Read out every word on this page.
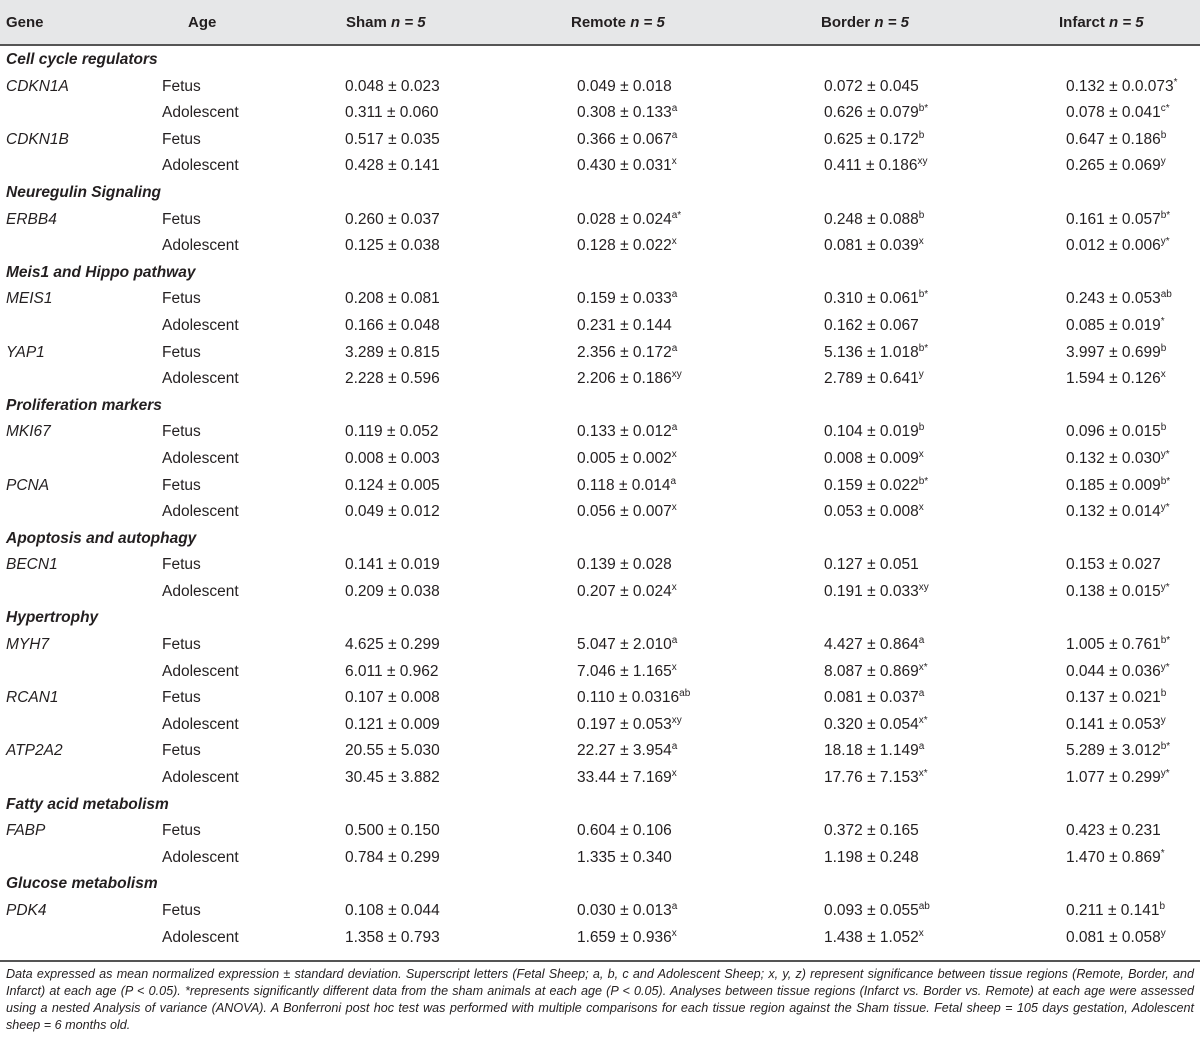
Gene	Age	Sham n = 5	Remote n = 5	Border n = 5	Infarct n = 5
Cell cycle regulators
CDKN1A	Fetus	0.048 ± 0.023	0.049 ± 0.018	0.072 ± 0.045	0.132 ± 0.0.073*
Adolescent	0.311 ± 0.060	0.308 ± 0.133$^a$	$0.626 \pm 0.079^{b*}$	$0.078 \pm 0.041^{c*}$
CDKN1B	Fetus	0.517 ± 0.035	0.366 ± 0.067$^a$	0.625 ± 0.172$^b$	0.647 ± 0.186$^b$
Adolescent	0.428 ± 0.141	$0.430 \pm 0.031^x$	$0.411 \pm 0.186^{xy}$	$0.265 \pm 0.069^y$
Neuregulin Signaling
ERBB4	Fetus	0.260 ± 0.037	$0.028 \pm 0.024^{a*}$	0.248 ± 0.088$^b$	$0.161 \pm 0.057^{b*}$
Adolescent	0.125 ± 0.038	$0.128 \pm 0.022^x$	$0.081 \pm 0.039^x$	$0.012 \pm 0.006^{y*}$
Meis1 and Hippo pathway
MEIS1	Fetus	0.208 ± 0.081	0.159 ± 0.033$^a$	$0.310 \pm 0.061^{b*}$	0.243 ± 0.053$^{ab}$
Adolescent	0.166 ± 0.048	0.231 ± 0.144	0.162 ± 0.067	0.085 ± 0.019*
YAP1	Fetus	3.289 ± 0.815	2.356 ± 0.172$^a$	$5.136 \pm 1.018^{b*}$	3.997 ± 0.699$^b$
Adolescent	2.228 ± 0.596	$2.206 \pm 0.186^{xy}$	$2.789 \pm 0.641^y$	$1.594 \pm 0.126^x$
Proliferation markers
MKI67	Fetus	0.119 ± 0.052	0.133 ± 0.012$^a$	0.104 ± 0.019$^b$	0.096 ± 0.015$^b$
Adolescent	0.008 ± 0.003	$0.005 \pm 0.002^x$	$0.008 \pm 0.009^x$	$0.132 \pm 0.030^{y*}$
PCNA	Fetus	0.124 ± 0.005	0.118 ± 0.014$^a$	$0.159 \pm 0.022^{b*}$	$0.185 \pm 0.009^{b*}$
Adolescent	0.049 ± 0.012	$0.056 \pm 0.007^x$	$0.053 \pm 0.008^x$	$0.132 \pm 0.014^{y*}$
Apoptosis and autophagy
BECN1	Fetus	0.141 ± 0.019	0.139 ± 0.028	0.127 ± 0.051	0.153 ± 0.027
Adolescent	0.209 ± 0.038	$0.207 \pm 0.024^x$	$0.191 \pm 0.033^{xy}$	$0.138 \pm 0.015^{y*}$
Hypertrophy
MYH7	Fetus	4.625 ± 0.299	5.047 ± 2.010$^a$	4.427 ± 0.864$^a$	$1.005 \pm 0.761^{b*}$
Adolescent	6.011 ± 0.962	$7.046 \pm 1.165^x$	$8.087 \pm 0.869^{x*}$	$0.044 \pm 0.036^{y*}$
RCAN1	Fetus	0.107 ± 0.008	0.110 ± 0.0316$^{ab}$	0.081 ± 0.037$^a$	0.137 ± 0.021$^b$
Adolescent	0.121 ± 0.009	$0.197 \pm 0.053^{xy}$	$0.320 \pm 0.054^{x*}$	$0.141 \pm 0.053^y$
ATP2A2	Fetus	20.55 ± 5.030	22.27 ± 3.954$^a$	18.18 ± 1.149$^a$	$5.289 \pm 3.012^{b*}$
Adolescent	30.45 ± 3.882	$33.44 \pm 7.169^x$	$17.76 \pm 7.153^{x*}$	$1.077 \pm 0.299^{y*}$
Fatty acid metabolism
FABP	Fetus	0.500 ± 0.150	0.604 ± 0.106	0.372 ± 0.165	0.423 ± 0.231
Adolescent	0.784 ± 0.299	1.335 ± 0.340	1.198 ± 0.248	1.470 ± 0.869*
Glucose metabolism
PDK4	Fetus	0.108 ± 0.044	0.030 ± 0.013$^a$	0.093 ± 0.055$^{ab}$	0.211 ± 0.141$^b$
Adolescent	1.358 ± 0.793	$1.659 \pm 0.936^x$	$1.438 \pm 1.052^x$	$0.081 \pm 0.058^y$
Data expressed as mean normalized expression ± standard deviation. Superscript letters (Fetal Sheep; a, b, c and Adolescent Sheep; x, y, z) represent significance between tissue regions (Remote, Border, and Infarct) at each age (P < 0.05). *represents significantly different data from the sham animals at each age (P < 0.05). Analyses between tissue regions (Infarct vs. Border vs. Remote) at each age were assessed using a nested Analysis of variance (ANOVA). A Bonferroni post hoc test was performed with multiple comparisons for each tissue region against the Sham tissue. Fetal sheep = 105 days gestation, Adolescent sheep = 6 months old.
